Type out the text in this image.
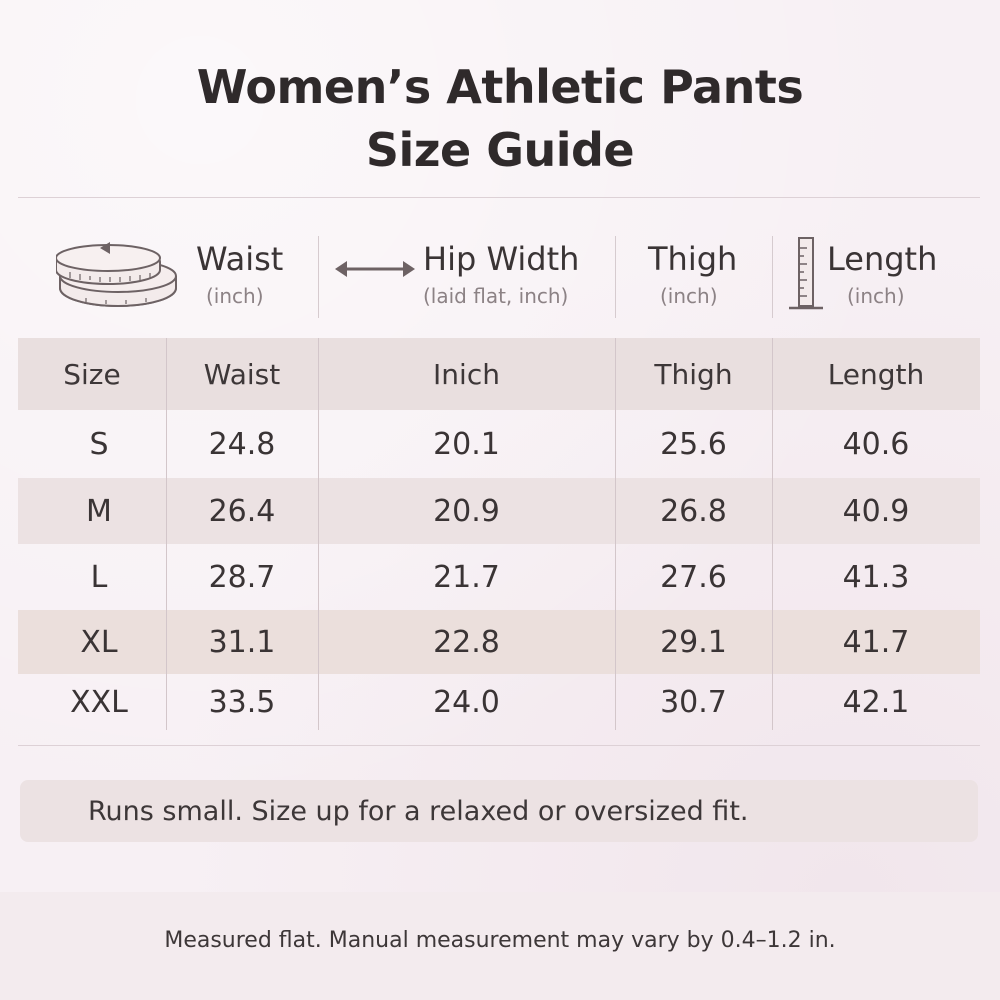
Women’s Athletic Pants
Size Guide
Waist
(inch)
Hip Width
(laid flat, inch)
Thigh
(inch)
Length
(inch)
Size	Waist	Inich	Thigh	Length
S	24.8	20.1	25.6	40.6
M	26.4	20.9	26.8	40.9
L	28.7	21.7	27.6	41.3
XL	31.1	22.8	29.1	41.7
XXL	33.5	24.0	30.7	42.1
Runs small. Size up for a relaxed or oversized fit.
Measured flat. Manual measurement may vary by 0.4–1.2 in.
